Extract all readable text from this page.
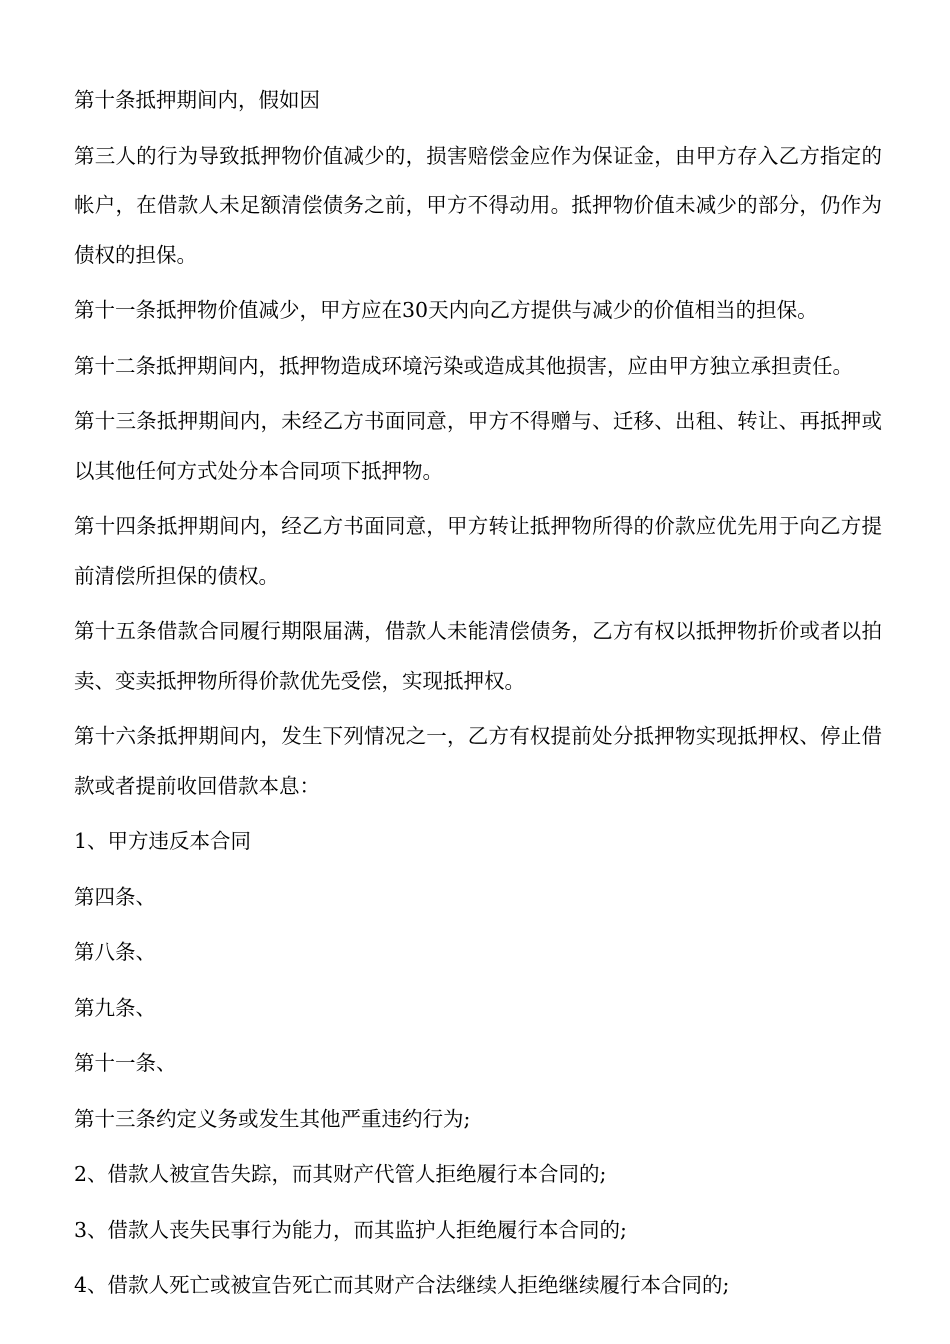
第十条抵押期间内，假如因

第三人的行为导致抵押物价值减少的，损害赔偿金应作为保证金，由甲方存入乙方指定的帐户，在借款人未足额清偿债务之前，甲方不得动用。抵押物价值未减少的部分，仍作为债权的担保。

第十一条抵押物价值减少，甲方应在30天内向乙方提供与减少的价值相当的担保。

第十二条抵押期间内，抵押物造成环境污染或造成其他损害，应由甲方独立承担责任。

第十三条抵押期间内，未经乙方书面同意，甲方不得赠与、迁移、出租、转让、再抵押或以其他任何方式处分本合同项下抵押物。

第十四条抵押期间内，经乙方书面同意，甲方转让抵押物所得的价款应优先用于向乙方提前清偿所担保的债权。

第十五条借款合同履行期限届满，借款人未能清偿债务，乙方有权以抵押物折价或者以拍卖、变卖抵押物所得价款优先受偿，实现抵押权。

第十六条抵押期间内，发生下列情况之一，乙方有权提前处分抵押物实现抵押权、停止借款或者提前收回借款本息：

1、甲方违反本合同

第四条、

第八条、

第九条、

第十一条、

第十三条约定义务或发生其他严重违约行为;

2、借款人被宣告失踪，而其财产代管人拒绝履行本合同的;

3、借款人丧失民事行为能力，而其监护人拒绝履行本合同的;

4、借款人死亡或被宣告死亡而其财产合法继续人拒绝继续履行本合同的;
